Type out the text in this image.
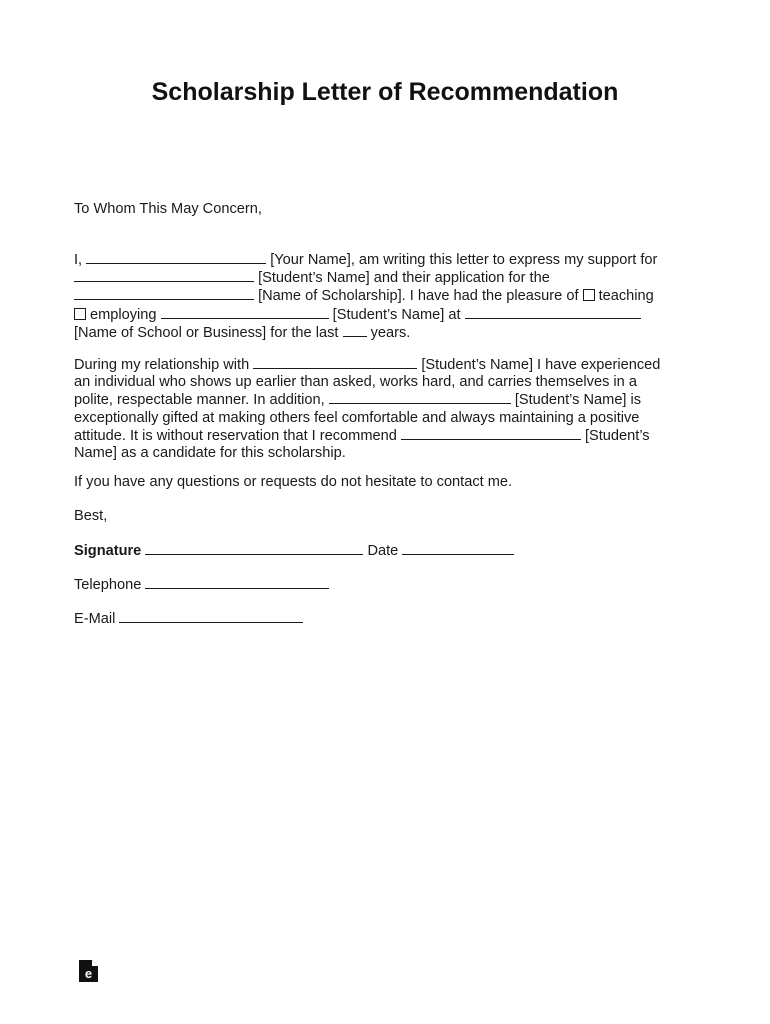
Scholarship Letter of Recommendation
To Whom This May Concern,
I,	[Your Name], am writing this letter to express my support for
[Student’s Name] and their application for the
[Name of Scholarship]. I have had the pleasure of teaching
employing	[Student’s Name] at
[Name of School or Business] for the last years.
During my relationship with	[Student’s Name] I have experienced
an individual who shows up earlier than asked, works hard, and carries themselves in a
polite, respectable manner. In addition,	[Student’s Name] is
exceptionally gifted at making others feel comfortable and always maintaining a positive
attitude. It is without reservation that I recommend	[Student’s
Name] as a candidate for this scholarship.
If you have any questions or requests do not hesitate to contact me.
Best,
Signature	Date
Telephone
E-Mail
e
